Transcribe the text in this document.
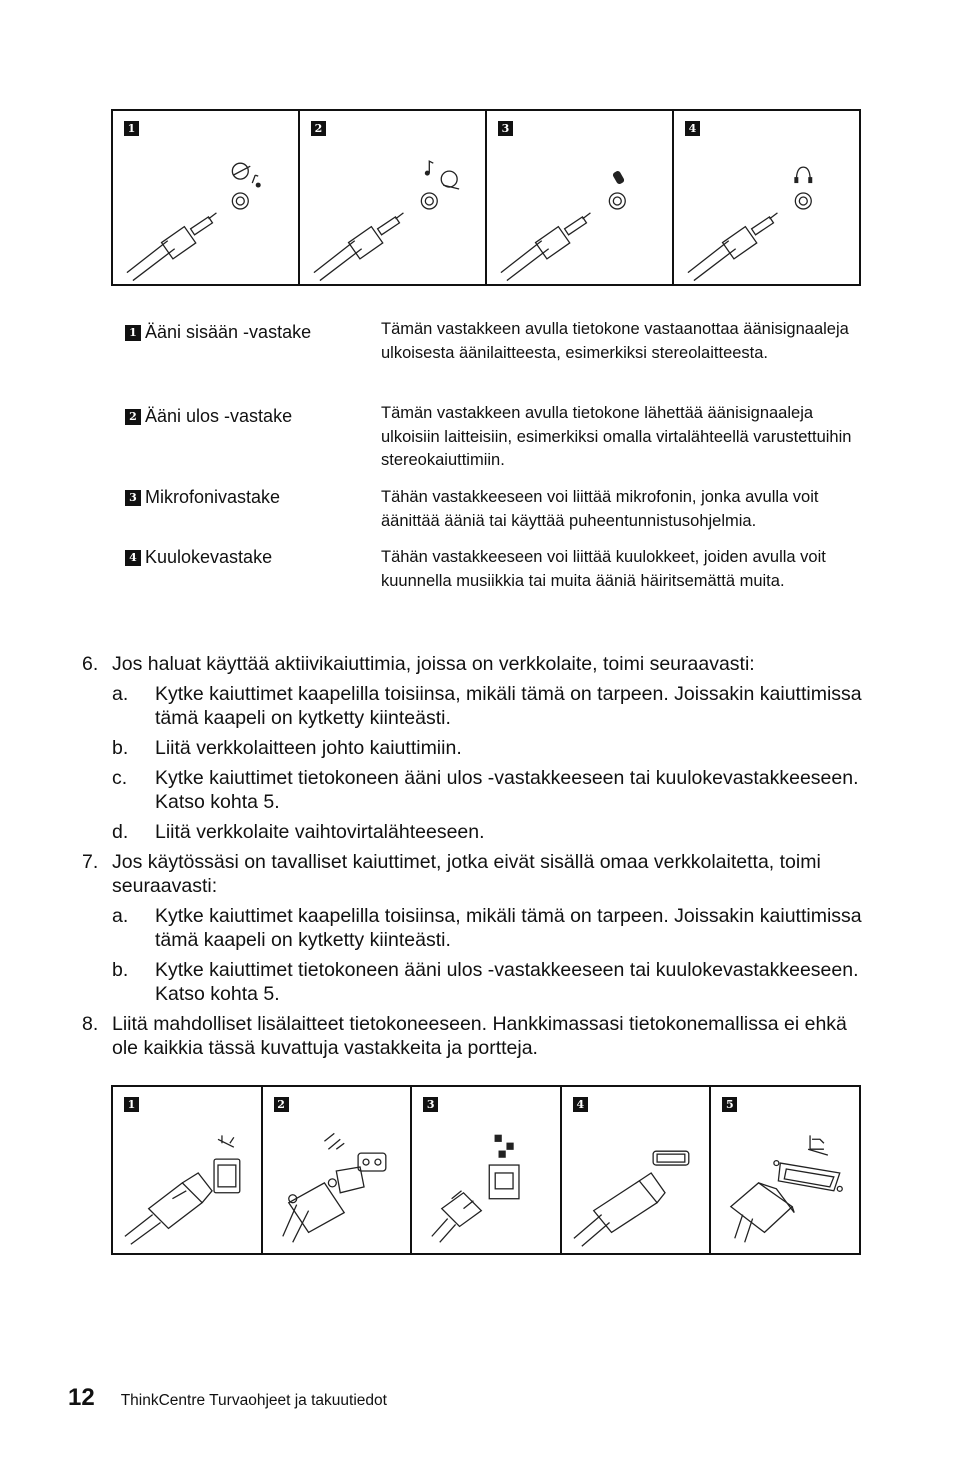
1	2	3	4
1 Ääni sisään -vastake	Tämän vastakkeen avulla tietokone vastaanottaa äänisignaaleja ulkoisesta äänilaitteesta, esimerkiksi stereolaitteesta.
2 Ääni ulos -vastake	Tämän vastakkeen avulla tietokone lähettää äänisignaaleja ulkoisiin laitteisiin, esimerkiksi omalla virtalähteellä varustettuihin stereokaiuttimiin.
3 Mikrofonivastake	Tähän vastakkeeseen voi liittää mikrofonin, jonka avulla voit äänittää ääniä tai käyttää puheentunnistusohjelmia.
4 Kuulokevastake	Tähän vastakkeeseen voi liittää kuulokkeet, joiden avulla voit kuunnella musiikkia tai muita ääniä häiritsemättä muita.
6. Jos haluat käyttää aktiivikaiuttimia, joissa on verkkolaite, toimi seuraavasti:
a.	Kytke kaiuttimet kaapelilla toisiinsa, mikäli tämä on tarpeen. Joissakin kaiuttimissa tämä kaapeli on kytketty kiinteästi.
b.	Liitä verkkolaitteen johto kaiuttimiin.
c.	Kytke kaiuttimet tietokoneen ääni ulos -vastakkeeseen tai kuulokevastakkeeseen. Katso kohta 5.
d.	Liitä verkkolaite vaihtovirtalähteeseen.
7. Jos käytössäsi on tavalliset kaiuttimet, jotka eivät sisällä omaa verkkolaitetta, toimi seuraavasti:
a.	Kytke kaiuttimet kaapelilla toisiinsa, mikäli tämä on tarpeen. Joissakin kaiuttimissa tämä kaapeli on kytketty kiinteästi.
b.	Kytke kaiuttimet tietokoneen ääni ulos -vastakkeeseen tai kuulokevastakkeeseen. Katso kohta 5.
8. Liitä mahdolliset lisälaitteet tietokoneeseen. Hankkimassasi tietokonemallissa ei ehkä ole kaikkia tässä kuvattuja vastakkeita ja portteja.
1	2	3	4	5
12 ThinkCentre Turvaohjeet ja takuutiedot
